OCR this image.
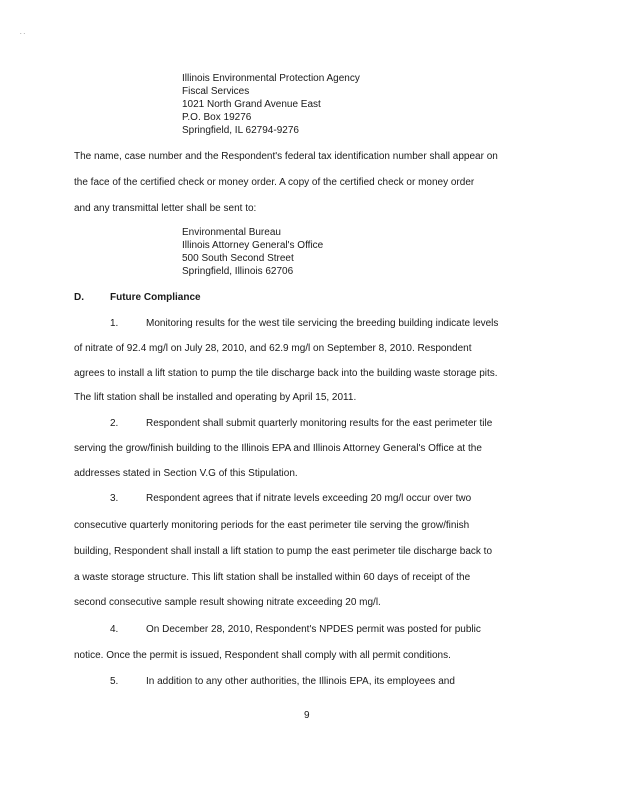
. .
Illinois Environmental Protection Agency
Fiscal Services
1021 North Grand Avenue East
P.O. Box 19276
Springfield, IL 62794-9276
The name, case number and the Respondent's federal tax identification number shall appear on
the face of the certified check or money order. A copy of the certified check or money order
and any transmittal letter shall be sent to:
Environmental Bureau
Illinois Attorney General's Office
500 South Second Street
Springfield, Illinois 62706
D.	Future Compliance
1.	Monitoring results for the west tile servicing the breeding building indicate levels
of nitrate of 92.4 mg/l on July 28, 2010, and 62.9 mg/l on September 8, 2010. Respondent
agrees to install a lift station to pump the tile discharge back into the building waste storage pits.
The lift station shall be installed and operating by April 15, 2011.
2.	Respondent shall submit quarterly monitoring results for the east perimeter tile
serving the grow/finish building to the Illinois EPA and Illinois Attorney General's Office at the
addresses stated in Section V.G of this Stipulation.
3.	Respondent agrees that if nitrate levels exceeding 20 mg/l occur over two
consecutive quarterly monitoring periods for the east perimeter tile serving the grow/finish
building, Respondent shall install a lift station to pump the east perimeter tile discharge back to
a waste storage structure. This lift station shall be installed within 60 days of receipt of the
second consecutive sample result showing nitrate exceeding 20 mg/l.
4.	On December 28, 2010, Respondent's NPDES permit was posted for public
notice. Once the permit is issued, Respondent shall comply with all permit conditions.
5.	In addition to any other authorities, the Illinois EPA, its employees and
9
